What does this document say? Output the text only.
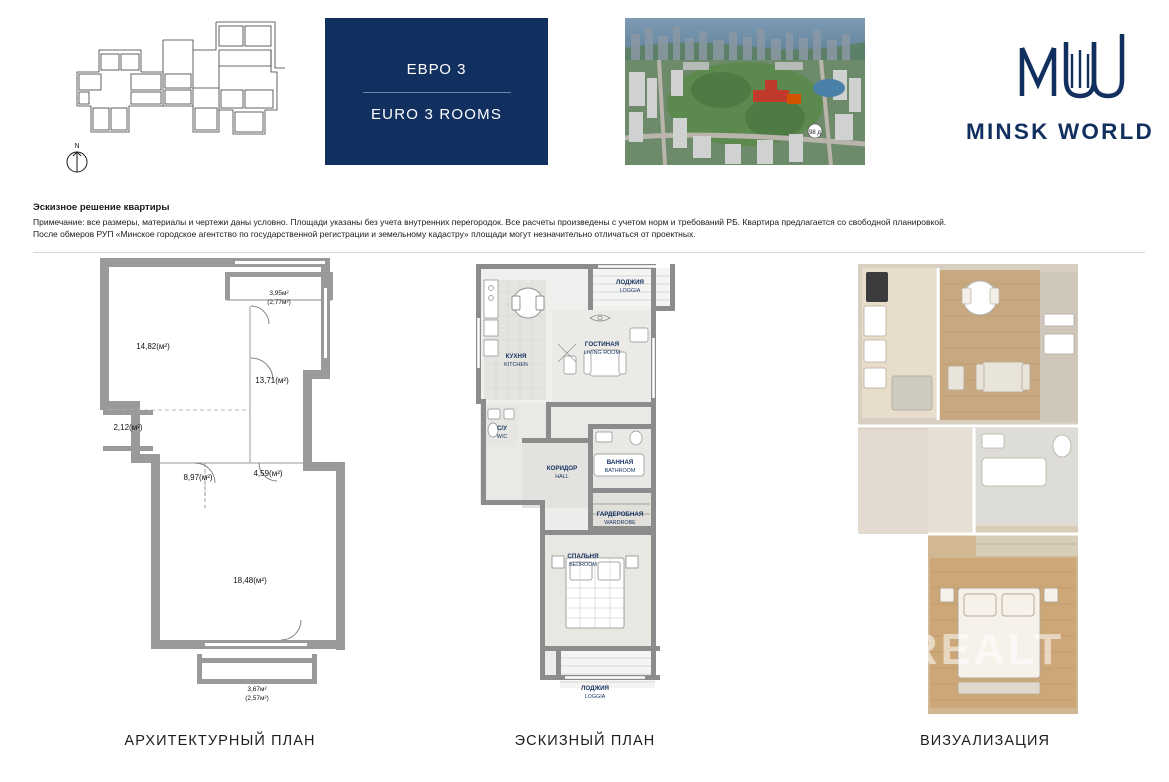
N
ЕВРО 3
EURO 3 ROOMS
98 д	MINSK WORLD
Эскизное решение квартиры
Примечание: все размеры, материалы и чертежи даны условно. Площади указаны без учета внутренних перегородок. Все расчеты произведены с учетом норм и требований РБ. Квартира предлагается со свободной планировкой.
После обмеров РУП «Минское городское агентство по государственной регистрации и земельному кадастру» площади могут незначительно отличаться от проектных.
3,95м²
(2,77м²)
14,82(м²)
13,71(м²)
2,12(м²)
8,97(м²)	4,59(м²)
18,48(м²)
3,67м²
(2,57м²)
ЛОДЖИЯ
LOGGIA
КУХНЯ
KITCHEN
ГОСТИНАЯ
LIVING ROOM
С/У
W/C
КОРИДОР
HALL
ВАННАЯ
BATHROOM
ГАРДЕРОБНАЯ
WARDROBE
СПАЛЬНЯ
BEDROOM
ЛОДЖИЯ
LOGGIA
REALT
АРХИТЕКТУРНЫЙ ПЛАН	ЭСКИЗНЫЙ ПЛАН	ВИЗУАЛИЗАЦИЯ
